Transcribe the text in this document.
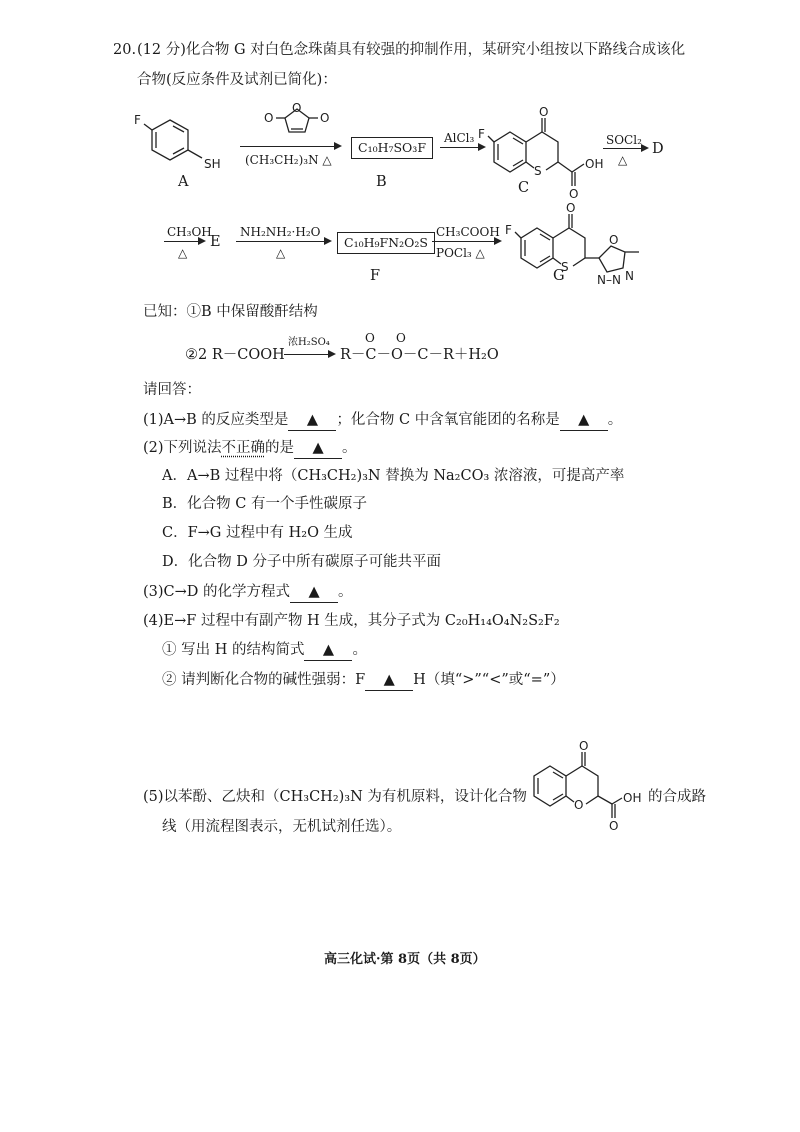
20. (12 分)化合物 G 对白色念珠菌具有较强的抑制作用，某研究小组按以下路线合成该化
合物(反应条件及试剂已简化)：
F
SH
A
O
O	O
(CH₃CH₂)₃N △
C₁₀H₇SO₃F
B
AlCl₃
O
F
S	OH
O
C
SOCl₂
△
D
CH₃OH
△
E
NH₂NH₂·H₂O
△
C₁₀H₉FN₂O₂S
F
CH₃COOH
POCl₃ △
O
F
S
O
N–N N
G
已知：①B 中保留酸酐结构
②2 R－COOH
浓H₂SO₄	O O
R－C－O－C－R＋H₂O
请回答：
(1)A→B 的反应类型是 ▲ ；化合物 C 中含氧官能团的名称是 ▲ 。
(2)下列说法不正确的是 ▲ 。
A．A→B 过程中将（CH₃CH₂)₃N 替换为 Na₂CO₃ 浓溶液，可提高产率
B．化合物 C 有一个手性碳原子
C．F→G 过程中有 H₂O 生成
D．化合物 D 分子中所有碳原子可能共平面
(3)C→D 的化学方程式 ▲ 。
(4)E→F 过程中有副产物 H 生成，其分子式为 C₂₀H₁₄O₄N₂S₂F₂
① 写出 H 的结构简式 ▲ 。
② 请判断化合物的碱性强弱：F ▲ H（填“>”“<”或“=”）
(5)以苯酚、乙炔和（CH₃CH₂)₃N 为有机原料，设计化合物
O
O	OH
O
的合成路
线（用流程图表示，无机试剂任选）。
高三化试·第 8页（共 8页）
